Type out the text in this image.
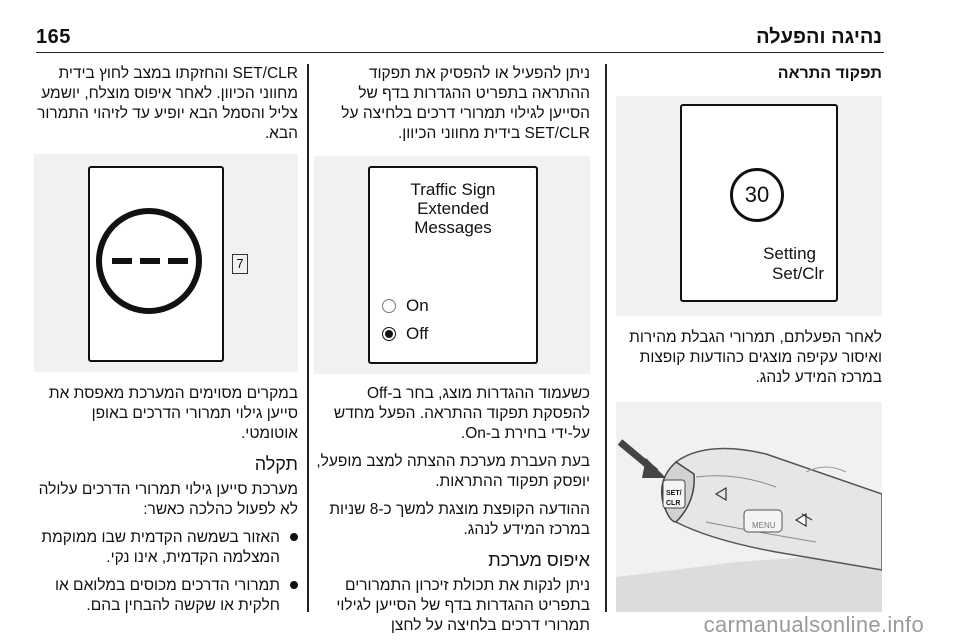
165	נהיגה והפעלה
תפקוד התראה
30
Setting
Set/Clr

לאחר הפעלתם, תמרורי הגבלת מהירות ואיסור עקיפה מוצגים כהודעות קופצות במרכז המידע לנהג.

SET/
CLR
MENU

ניתן להפעיל או להפסיק את תפקוד ההתראה בתפריט ההגדרות בדף של הסייען לגילוי תמרורי דרכים בלחיצה על SET/CLR בידית מחווני הכיוון.

Traffic Sign
Extended
Messages
On
Off

כשעמוד ההגדרות מוצג, בחר ב-Off להפסקת תפקוד ההתראה. הפעל מחדש על-ידי בחירת ב-On.

בעת העברת מערכת ההצתה למצב מופעל, יופסק תפקוד ההתראות.

ההודעה הקופצת מוצגת למשך כ-8 שניות במרכז המידע לנהג.

איפוס מערכת

ניתן לנקות את תכולת זיכרון התמרורים בתפריט ההגדרות בדף של הסייען לגילוי תמרורי דרכים בלחיצה על לחצן

SET/CLR והחזקתו במצב לחוץ בידית מחווני הכיוון. לאחר איפוס מוצלח, יושמע צליל והסמל הבא יופיע עד לזיהוי התמרור הבא.

7

במקרים מסוימים המערכת מאפסת את סייען גילוי תמרורי הדרכים באופן אוטומטי.

תקלה

מערכת סייען גילוי תמרורי הדרכים עלולה לא לפעול כהלכה כאשר:

האזור בשמשה הקדמית שבו ממוקמת המצלמה הקדמית, אינו נקי.
תמרורי הדרכים מכוסים במלואם או חלקית או שקשה להבחין בהם.
carmanualsonline.info
